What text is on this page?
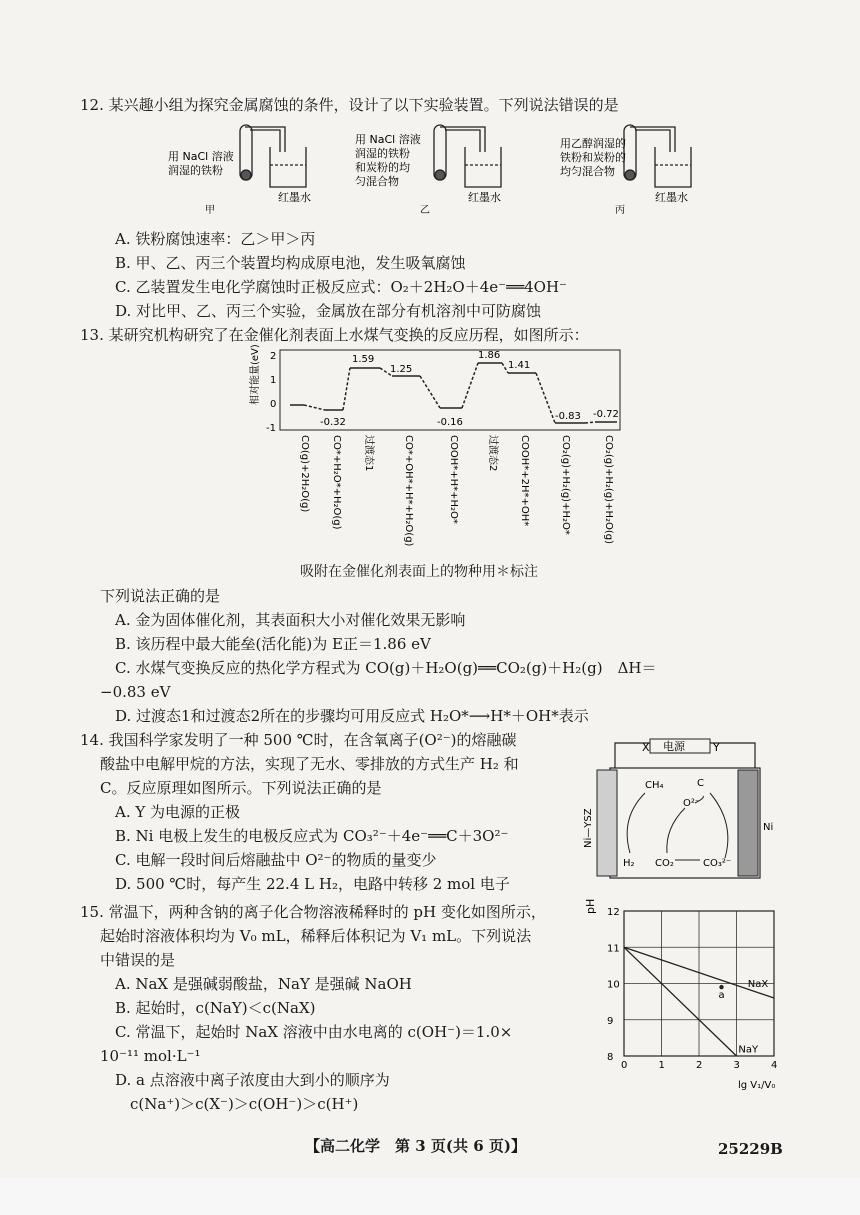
12. 某兴趣小组为探究金属腐蚀的条件，设计了以下实验装置。下列说法错误的是
用 NaCl 溶液
润湿的铁粉
红墨水
甲
用 NaCl 溶液
润湿的铁粉
和炭粉的均
匀混合物
红墨水
乙
用乙醇润湿的
铁粉和炭粉的
均匀混合物
红墨水
丙
A. 铁粉腐蚀速率：乙＞甲＞丙
B. 甲、乙、丙三个装置均构成原电池，发生吸氧腐蚀
C. 乙装置发生电化学腐蚀时正极反应式：O₂＋2H₂O＋4e⁻══4OH⁻
D. 对比甲、乙、丙三个实验，金属放在部分有机溶剂中可防腐蚀
13. 某研究机构研究了在金催化剂表面上水煤气变换的反应历程，如图所示：
相对能量(eV) 2
1
0
-1
1.59
1.25
-0.32
1.86
1.41
-0.16
-0.83 -0.72
CO(g)+2H₂O(g) CO*+H₂O*+H₂O(g) 过渡态1	CO*+OH*+H*+H₂O(g)	COOH*+H*+H₂O*	过渡态2 COOH*+2H*+OH*	CO₂(g)+H₂(g)+H₂O*	CO₂(g)+H₂(g)+H₂O(g)
吸附在金催化剂表面上的物种用＊标注
下列说法正确的是
A. 金为固体催化剂，其表面积大小对催化效果无影响
B. 该历程中最大能垒(活化能)为 E正＝1.86 eV
C. 水煤气变换反应的热化学方程式为 CO(g)＋H₂O(g)══CO₂(g)＋H₂(g)　ΔH＝
−0.83 eV
D. 过渡态1和过渡态2所在的步骤均可用反应式 H₂O*⟶H*＋OH*表示
14. 我国科学家发明了一种 500 ℃时，在含氧离子(O²⁻)的熔融碳
酸盐中电解甲烷的方法，实现了无水、零排放的方式生产 H₂ 和
C。反应原理如图所示。下列说法正确的是
A. Y 为电源的正极
B. Ni 电极上发生的电极反应式为 CO₃²⁻＋4e⁻══C＋3O²⁻
C. 电解一段时间后熔融盐中 O²⁻的物质的量变少
D. 500 ℃时，每产生 22.4 L H₂，电路中转移 2 mol 电子
电源
X	Y
Ni—YSZ	Ni
CH₄	C
O²⁻
H₂ CO₂	CO₃²⁻
15. 常温下，两种含钠的离子化合物溶液稀释时的 pH 变化如图所示，
起始时溶液体积均为 V₀ mL，稀释后体积记为 V₁ mL。下列说法
中错误的是
A. NaX 是强碱弱酸盐，NaY 是强碱 NaOH
B. 起始时，c(NaY)＜c(NaX)
C. 常温下，起始时 NaX 溶液中由水电离的 c(OH⁻)＝1.0×
10⁻¹¹ mol·L⁻¹
D. a 点溶液中离子浓度由大到小的顺序为
c(Na⁺)＞c(X⁻)＞c(OH⁻)＞c(H⁺)
0	1	2	3	4
8
9
10
11
12
NaX
NaY
a
pH
lg V₁/V₀
【高二化学　第 3 页(共 6 页)】	25229B
